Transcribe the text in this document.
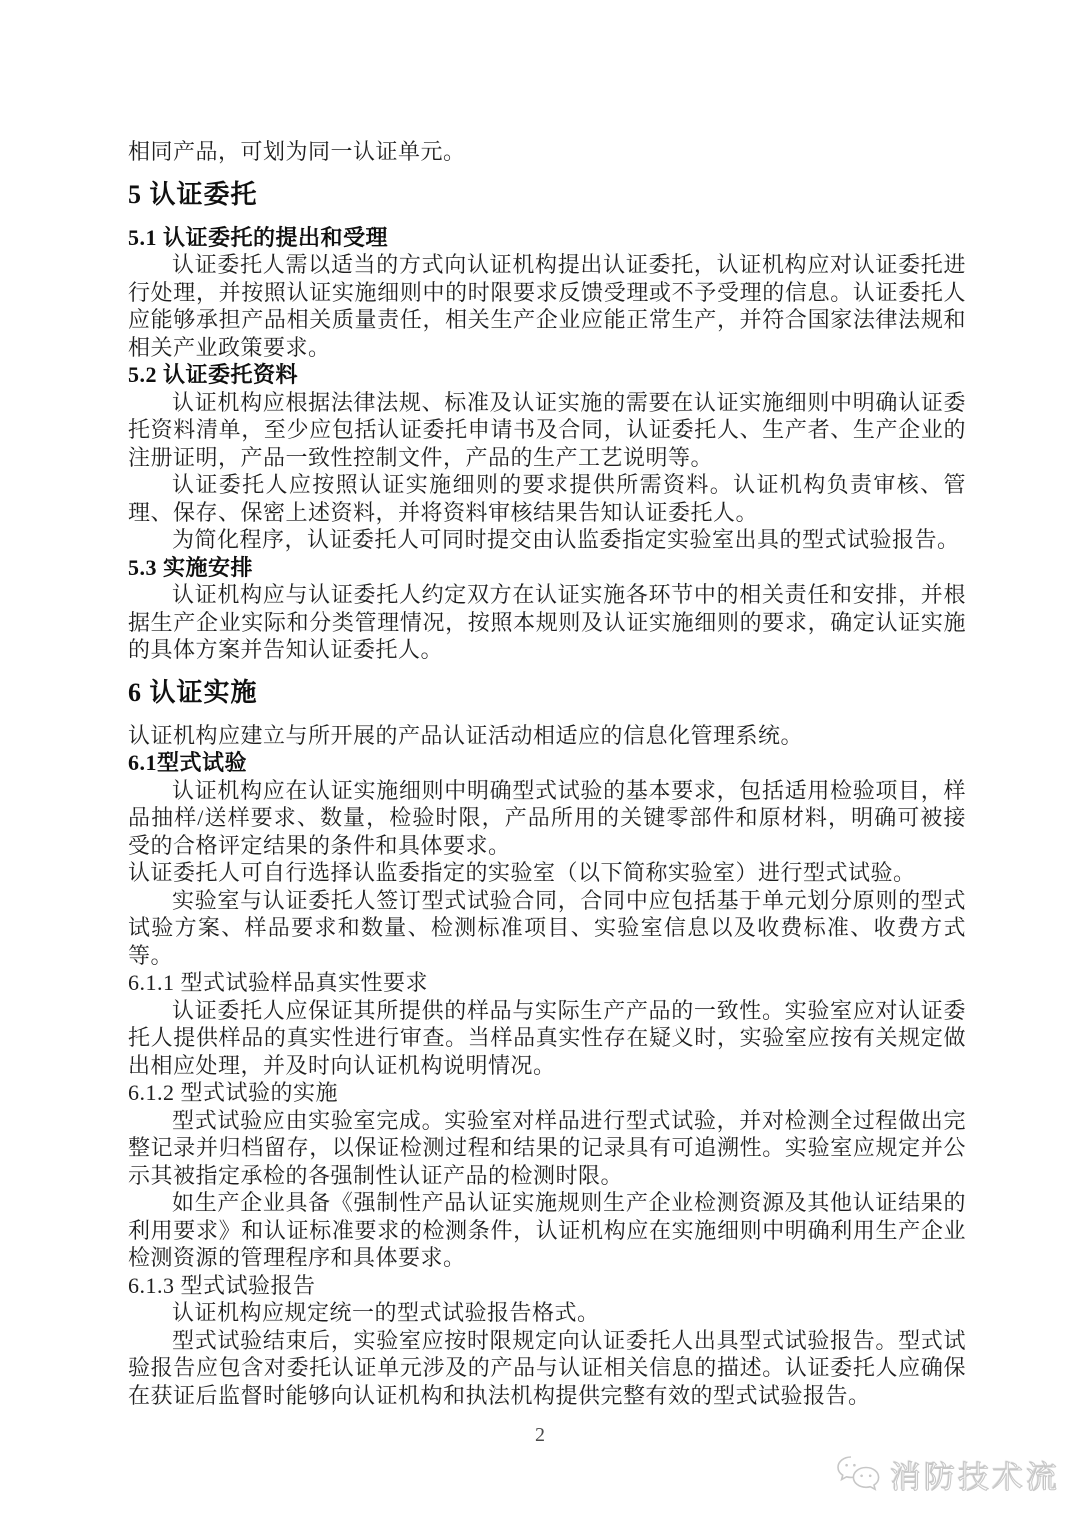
相同产品，可划为同一认证单元。
5 认证委托
5.1 认证委托的提出和受理
认证委托人需以适当的方式向认证机构提出认证委托，认证机构应对认证委托进行处理，并按照认证实施细则中的时限要求反馈受理或不予受理的信息。认证委托人应能够承担产品相关质量责任，相关生产企业应能正常生产，并符合国家法律法规和相关产业政策要求。
5.2 认证委托资料
认证机构应根据法律法规、标准及认证实施的需要在认证实施细则中明确认证委托资料清单，至少应包括认证委托申请书及合同，认证委托人、生产者、生产企业的注册证明，产品一致性控制文件，产品的生产工艺说明等。
认证委托人应按照认证实施细则的要求提供所需资料。认证机构负责审核、管理、保存、保密上述资料，并将资料审核结果告知认证委托人。
为简化程序，认证委托人可同时提交由认监委指定实验室出具的型式试验报告。
5.3 实施安排
认证机构应与认证委托人约定双方在认证实施各环节中的相关责任和安排，并根据生产企业实际和分类管理情况，按照本规则及认证实施细则的要求，确定认证实施的具体方案并告知认证委托人。
6 认证实施
认证机构应建立与所开展的产品认证活动相适应的信息化管理系统。
6.1型式试验
认证机构应在认证实施细则中明确型式试验的基本要求，包括适用检验项目，样品抽样/送样要求、数量，检验时限，产品所用的关键零部件和原材料，明确可被接受的合格评定结果的条件和具体要求。
认证委托人可自行选择认监委指定的实验室（以下简称实验室）进行型式试验。
实验室与认证委托人签订型式试验合同，合同中应包括基于单元划分原则的型式试验方案、样品要求和数量、检测标准项目、实验室信息以及收费标准、收费方式等。
6.1.1 型式试验样品真实性要求
认证委托人应保证其所提供的样品与实际生产产品的一致性。实验室应对认证委托人提供样品的真实性进行审查。当样品真实性存在疑义时，实验室应按有关规定做出相应处理，并及时向认证机构说明情况。
6.1.2 型式试验的实施
型式试验应由实验室完成。实验室对样品进行型式试验，并对检测全过程做出完整记录并归档留存，以保证检测过程和结果的记录具有可追溯性。实验室应规定并公示其被指定承检的各强制性认证产品的检测时限。
如生产企业具备《强制性产品认证实施规则生产企业检测资源及其他认证结果的利用要求》和认证标准要求的检测条件，认证机构应在实施细则中明确利用生产企业检测资源的管理程序和具体要求。
6.1.3 型式试验报告
认证机构应规定统一的型式试验报告格式。
型式试验结束后，实验室应按时限规定向认证委托人出具型式试验报告。型式试验报告应包含对委托认证单元涉及的产品与认证相关信息的描述。认证委托人应确保在获证后监督时能够向认证机构和执法机构提供完整有效的型式试验报告。
2
消防技术流
